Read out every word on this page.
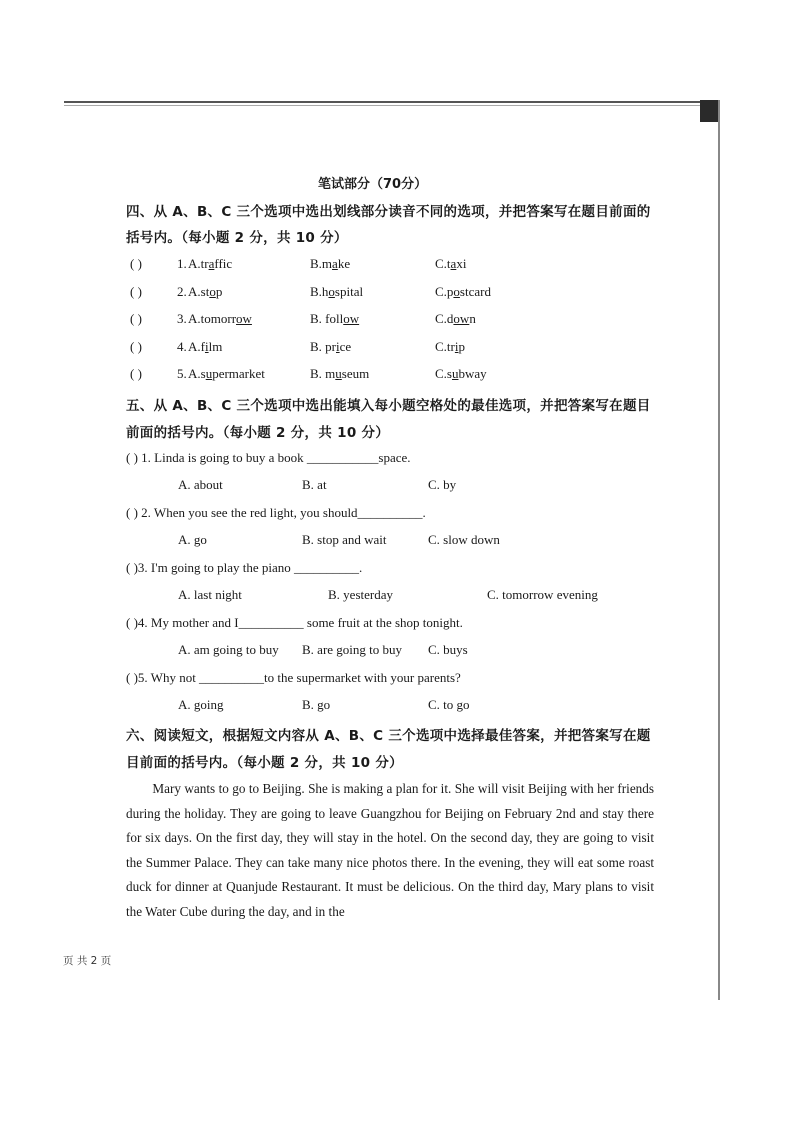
笔试部分（70分）
四、从 A、B、C 三个选项中选出划线部分读音不同的选项，并把答案写在题目前面的
括号内。（每小题 2 分，共 10 分）
( )	1. A.traffic	B.make	C.taxi
( )	2. A.stop	B.hospital	C.postcard
( )	3. A.tomorrow	B. follow	C.down
( )	4. A.film	B. price	C.trip
( )	5. A.supermarket	B. museum	C.subway
五、从 A、B、C 三个选项中选出能填入每小题空格处的最佳选项，并把答案写在题目
前面的括号内。（每小题 2 分，共 10 分）
( ) 1. Linda is going to buy a book ___________space.
A. about	B. at	C. by
( ) 2. When you see the red light, you should__________.
A. go	B. stop and wait	C. slow down
( )3. I'm going to play the piano __________.
A. last night	B. yesterday	C. tomorrow evening
( )4. My mother and I__________ some fruit at the shop tonight.
A. am going to buy B. are going to buy C. buys
( )5. Why not __________to the supermarket with your parents?
A. going	B. go	C. to go
六、阅读短文，根据短文内容从 A、B、C 三个选项中选择最佳答案，并把答案写在题
目前面的括号内。（每小题 2 分，共 10 分）

Mary wants to go to Beijing. She is making a plan for it. She will visit Beijing with her friends during the holiday. They are going to leave Guangzhou for Beijing on February 2nd and stay there for six days. On the first day, they will stay in the hotel. On the second day, they are going to visit the Summer Palace. They can take many nice photos there. In the evening, they will eat some roast duck for dinner at Quanjude Restaurant. It must be delicious. On the third day, Mary plans to visit the Water Cube during the day, and in the

页 共 2 页
